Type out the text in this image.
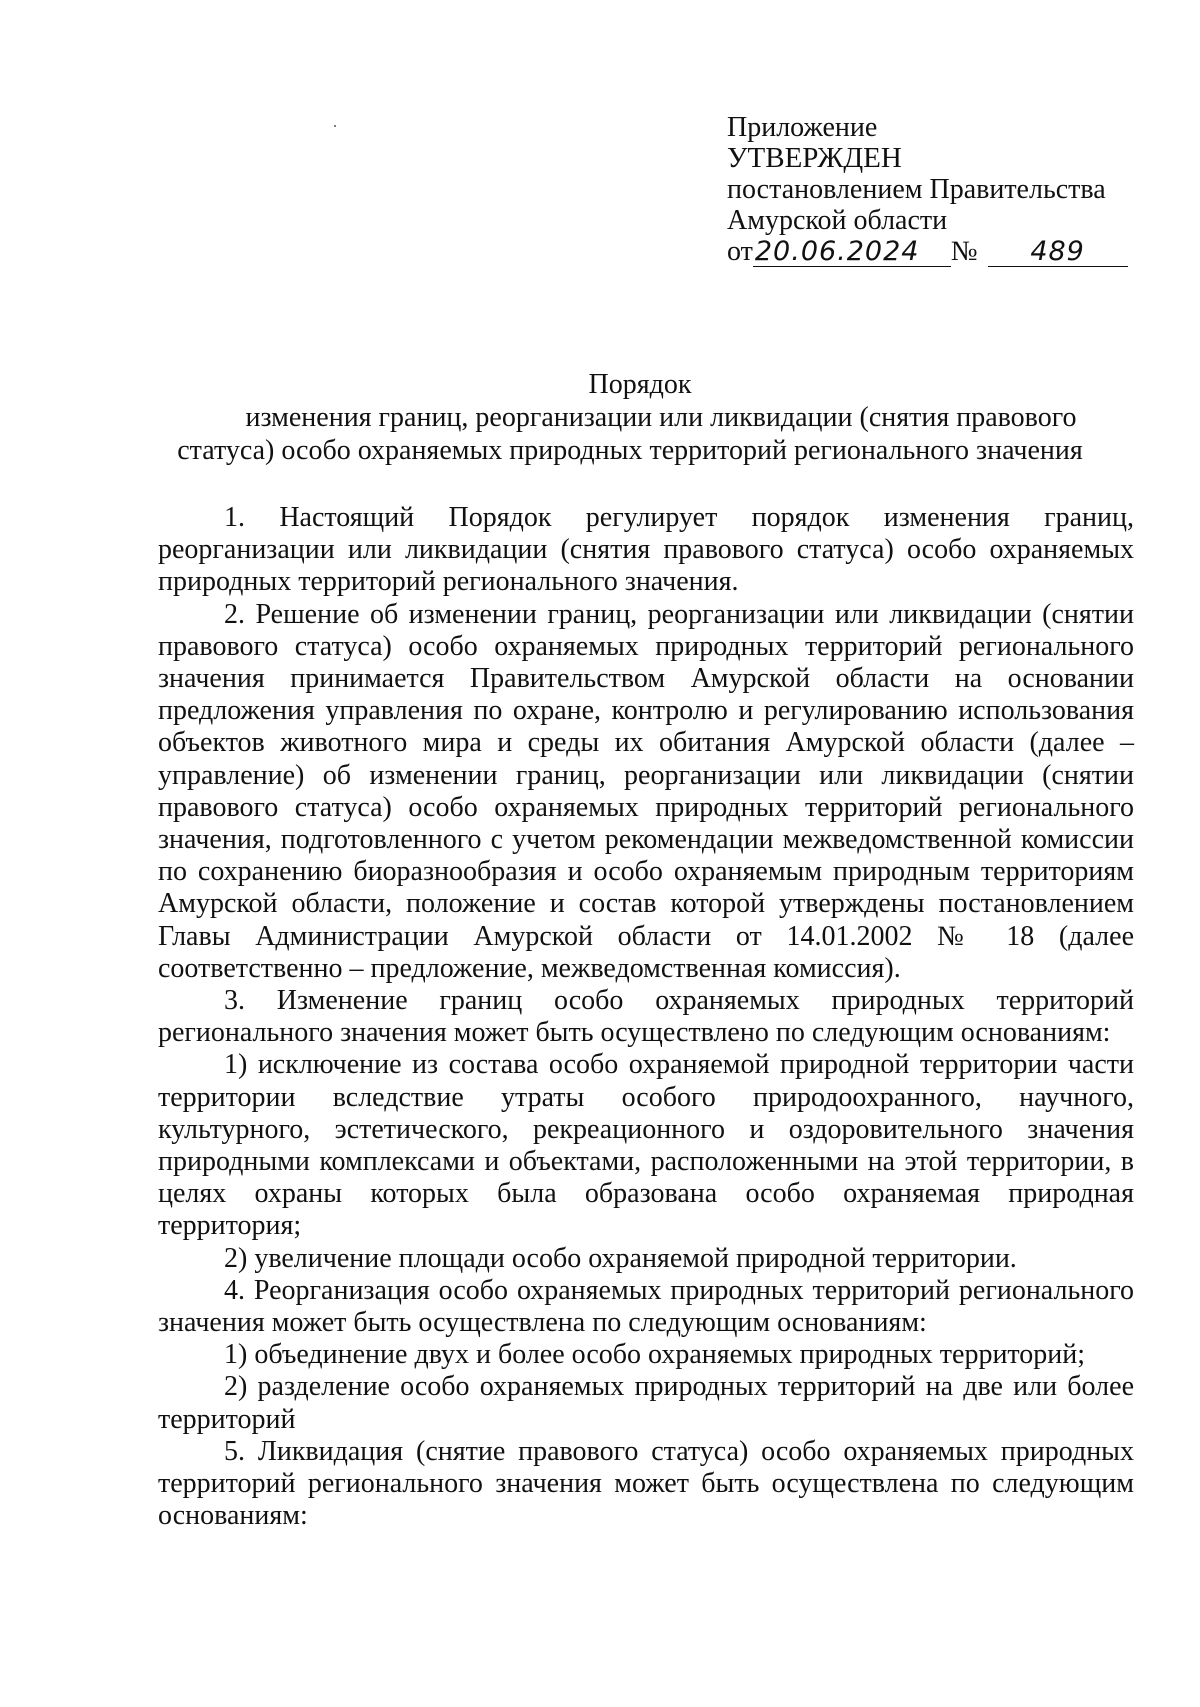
Приложение
УТВЕРЖДЕН
постановлением Правительства
Амурской области
от20.06.2024 № 489
Порядок
изменения границ, реорганизации или ликвидации (снятия правового
статуса) особо охраняемых природных территорий регионального значения

1. Настоящий Порядок регулирует порядок изменения границ, реорганизации или ликвидации (снятия правового статуса) особо охраняемых природных территорий регионального значения.

2. Решение об изменении границ, реорганизации или ликвидации (снятии правового статуса) особо охраняемых природных территорий регионального значения принимается Правительством Амурской области на основании предложения управления по охране, контролю и регулированию использования объектов животного мира и среды их обитания Амурской области (далее – управление) об изменении границ, реорганизации или ликвидации (снятии правового статуса) особо охраняемых природных территорий регионального значения, подготовленного с учетом рекомендации межведомственной комиссии по сохранению биоразнообразия и особо охраняемым природным территориям Амурской области, положение и состав которой утверждены постановлением Главы Администрации Амурской области от 14.01.2002 № 18 (далее соответственно – предложение, межведомственная комиссия).

3. Изменение границ особо охраняемых природных территорий регионального значения может быть осуществлено по следующим основаниям:

1) исключение из состава особо охраняемой природной территории части территории вследствие утраты особого природоохранного, научного, культурного, эстетического, рекреационного и оздоровительного значения природными комплексами и объектами, расположенными на этой территории, в целях охраны которых была образована особо охраняемая природная территория;

2) увеличение площади особо охраняемой природной территории.

4. Реорганизация особо охраняемых природных территорий регионального значения может быть осуществлена по следующим основаниям:

1) объединение двух и более особо охраняемых природных территорий;

2) разделение особо охраняемых природных территорий на две или более территорий

5. Ликвидация (снятие правового статуса) особо охраняемых природных территорий регионального значения может быть осуществлена по следующим основаниям:
